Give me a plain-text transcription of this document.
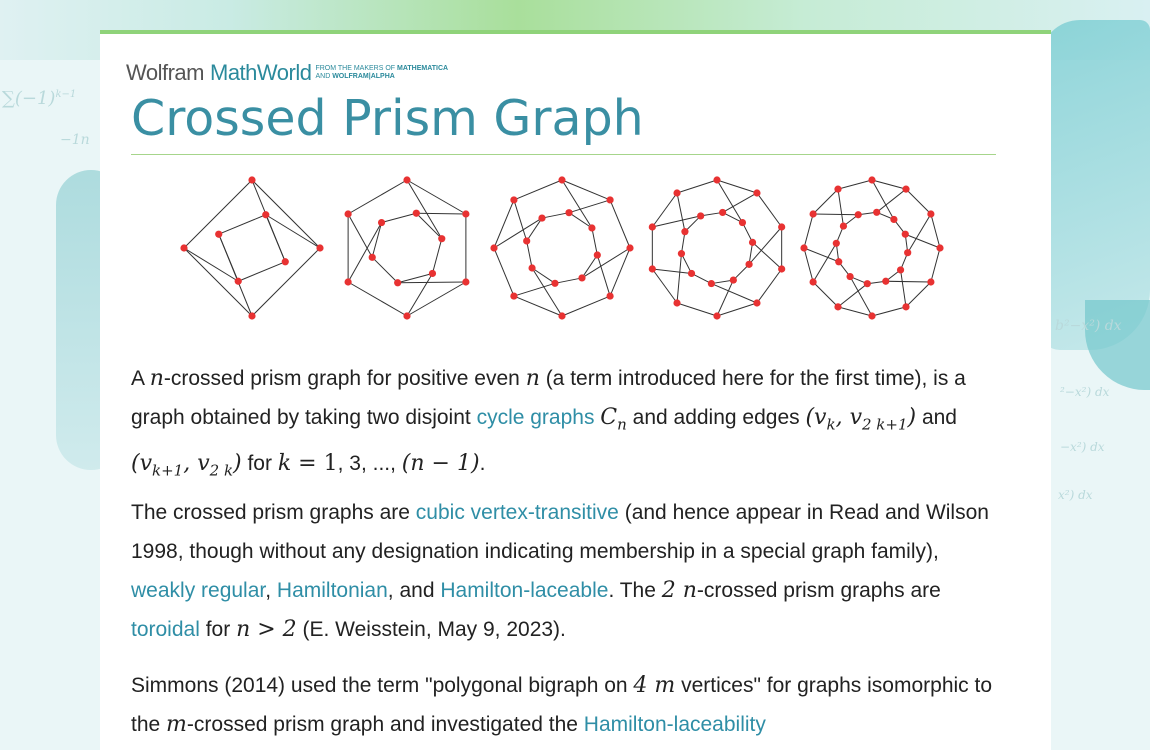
$\sum(-1)^{k-1}$
−1n
b²−x²) dx
²−x²) dx
−x²) dx
x²) dx
Wolfram MathWorld FROM THE MAKERS OF MATHEMATICA
AND WOLFRAM|ALPHA
Crossed Prism Graph
A n-crossed prism graph for positive even n (a term introduced here for the first time), is a graph obtained by taking two disjoint cycle graphs $C_n$ and adding edges ($v_k$, $v_{2 k+1}$) and ($v_{k+1}$, $v_{2 k}$) for k = 1, 3, ..., (n − 1).
The crossed prism graphs are cubic vertex-transitive (and hence appear in Read and Wilson 1998, though without any designation indicating membership in a special graph family), weakly regular, Hamiltonian, and Hamilton-laceable. The 2 n-crossed prism graphs are toroidal for n > 2 (E. Weisstein, May 9, 2023).
Simmons (2014) used the term "polygonal bigraph on 4 m vertices" for graphs isomorphic to the m-crossed prism graph and investigated the Hamilton-laceability
